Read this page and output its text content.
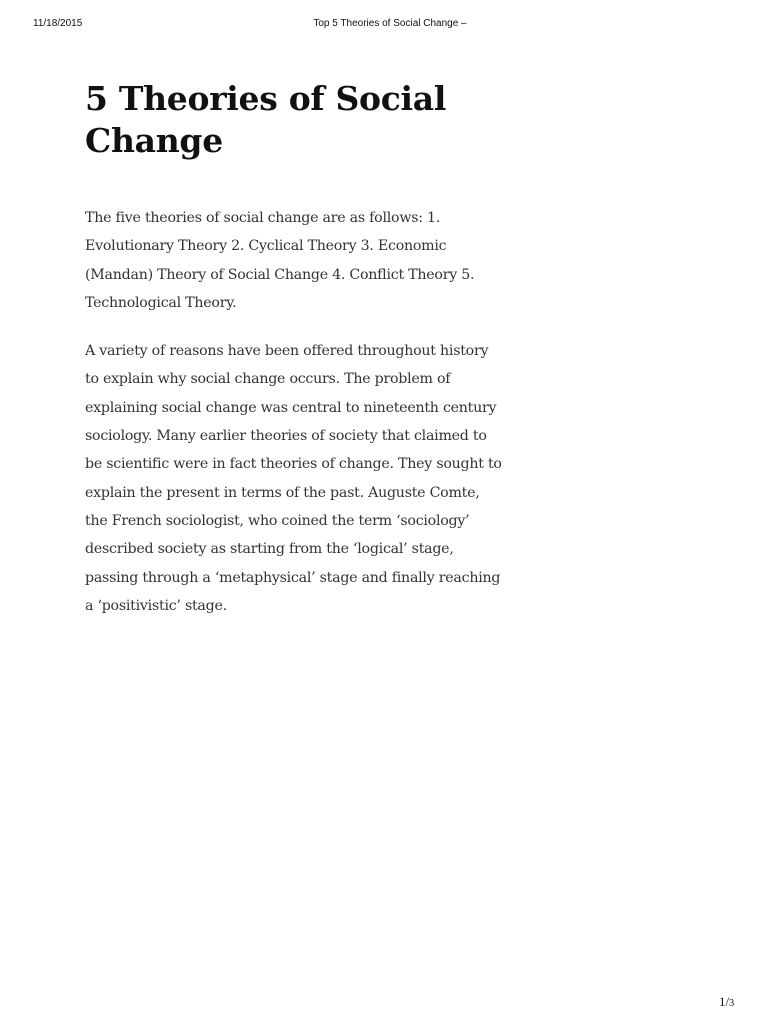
11/18/2015	Top 5 Theories of Social Change –
5 Theories of Social Change

The five theories of social change are as follows: 1. Evolutionary Theory 2. Cyclical Theory 3. Economic (Mandan) Theory of Social Change 4. Conflict Theory 5. Technological Theory.

A variety of reasons have been offered throughout history to explain why social change occurs. The problem of explaining social change was central to nineteenth century sociology. Many earlier theories of society that claimed to be scientific were in fact theories of change. They sought to explain the present in terms of the past. Auguste Comte, the French sociologist, who coined the term ‘sociology’ described society as starting from the ‘logical’ stage, passing through a ‘metaphysical’ stage and finally reaching a ‘positivistic’ stage.

1/3
